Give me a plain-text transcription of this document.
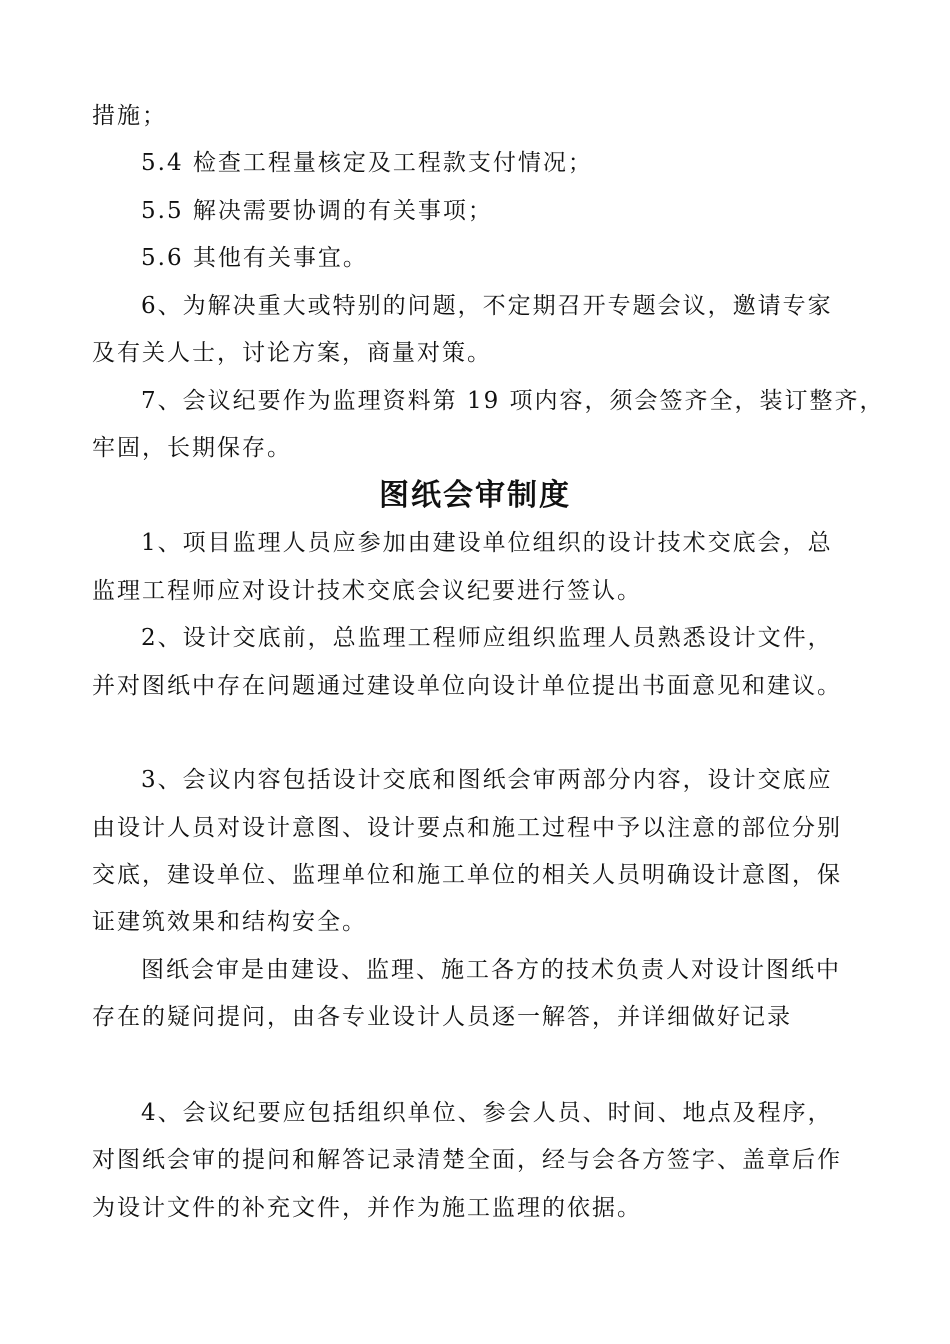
措施；
5.4 检查工程量核定及工程款支付情况；
5.5 解决需要协调的有关事项；
5.6 其他有关事宜。
6、为解决重大或特别的问题，不定期召开专题会议，邀请专家
及有关人士，讨论方案，商量对策。
7、会议纪要作为监理资料第 19 项内容，须会签齐全，装订整齐，
牢固，长期保存。
图纸会审制度
1、项目监理人员应参加由建设单位组织的设计技术交底会，总
监理工程师应对设计技术交底会议纪要进行签认。
2、设计交底前，总监理工程师应组织监理人员熟悉设计文件，
并对图纸中存在问题通过建设单位向设计单位提出书面意见和建议。
3、会议内容包括设计交底和图纸会审两部分内容，设计交底应
由设计人员对设计意图、设计要点和施工过程中予以注意的部位分别
交底，建设单位、监理单位和施工单位的相关人员明确设计意图，保
证建筑效果和结构安全。
图纸会审是由建设、监理、施工各方的技术负责人对设计图纸中
存在的疑问提问，由各专业设计人员逐一解答，并详细做好记录
4、会议纪要应包括组织单位、参会人员、时间、地点及程序，
对图纸会审的提问和解答记录清楚全面，经与会各方签字、盖章后作
为设计文件的补充文件，并作为施工监理的依据。
